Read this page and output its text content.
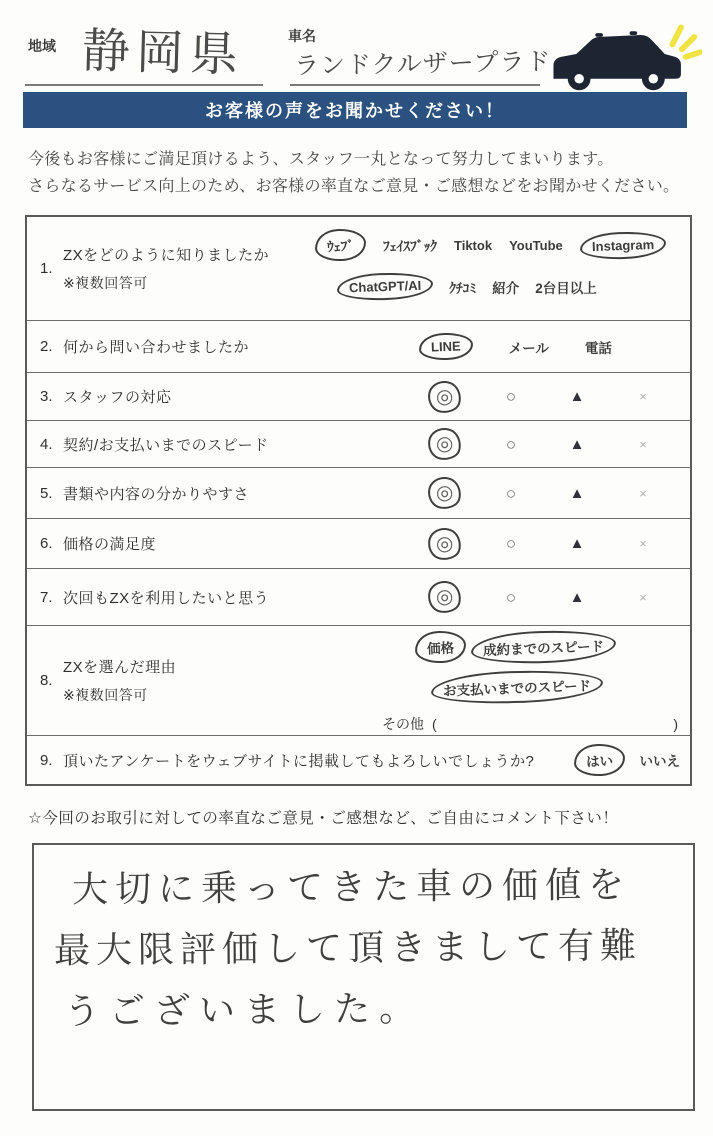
地域 静岡県	車名
ランドクルザープラド
お客様の声をお聞かせください！
今後もお客様にご満足頂けるよう、スタッフ一丸となって努力してまいります。
さらなるサービス向上のため、お客様の率直なご意見・ご感想などをお聞かせください。
1.
ZXをどのように知りましたか
※複数回答可
ｳｪﾌﾞ	ﾌｪｲｽﾌﾞｯｸ Tiktok YouTube	Instagram
ChatGPT/AI	ｸﾁｺﾐ 紹介 2台目以上
2. 何から問い合わせましたか	LINE	メール	電話
3. スタッフの対応	◎	○	▲	×
4. 契約/お支払いまでのスピード	◎	○	▲	×
5. 書類や内容の分かりやすさ	◎	○	▲	×
6. 価格の満足度	◎	○	▲	×
7. 次回もZXを利用したいと思う	◎	○	▲	×
8.
ZXを選んだ理由
※複数回答可
価格	成約までのスピード
お支払いまでのスピード
その他 (	)
9. 頂いたアンケートをウェブサイトに掲載してもよろしいでしょうか?	はい	いいえ
☆今回のお取引に対しての率直なご意見・ご感想など、ご自由にコメント下さい！
大切に乗ってきた車の価値を
最大限評価して頂きまして有難
うございました。
